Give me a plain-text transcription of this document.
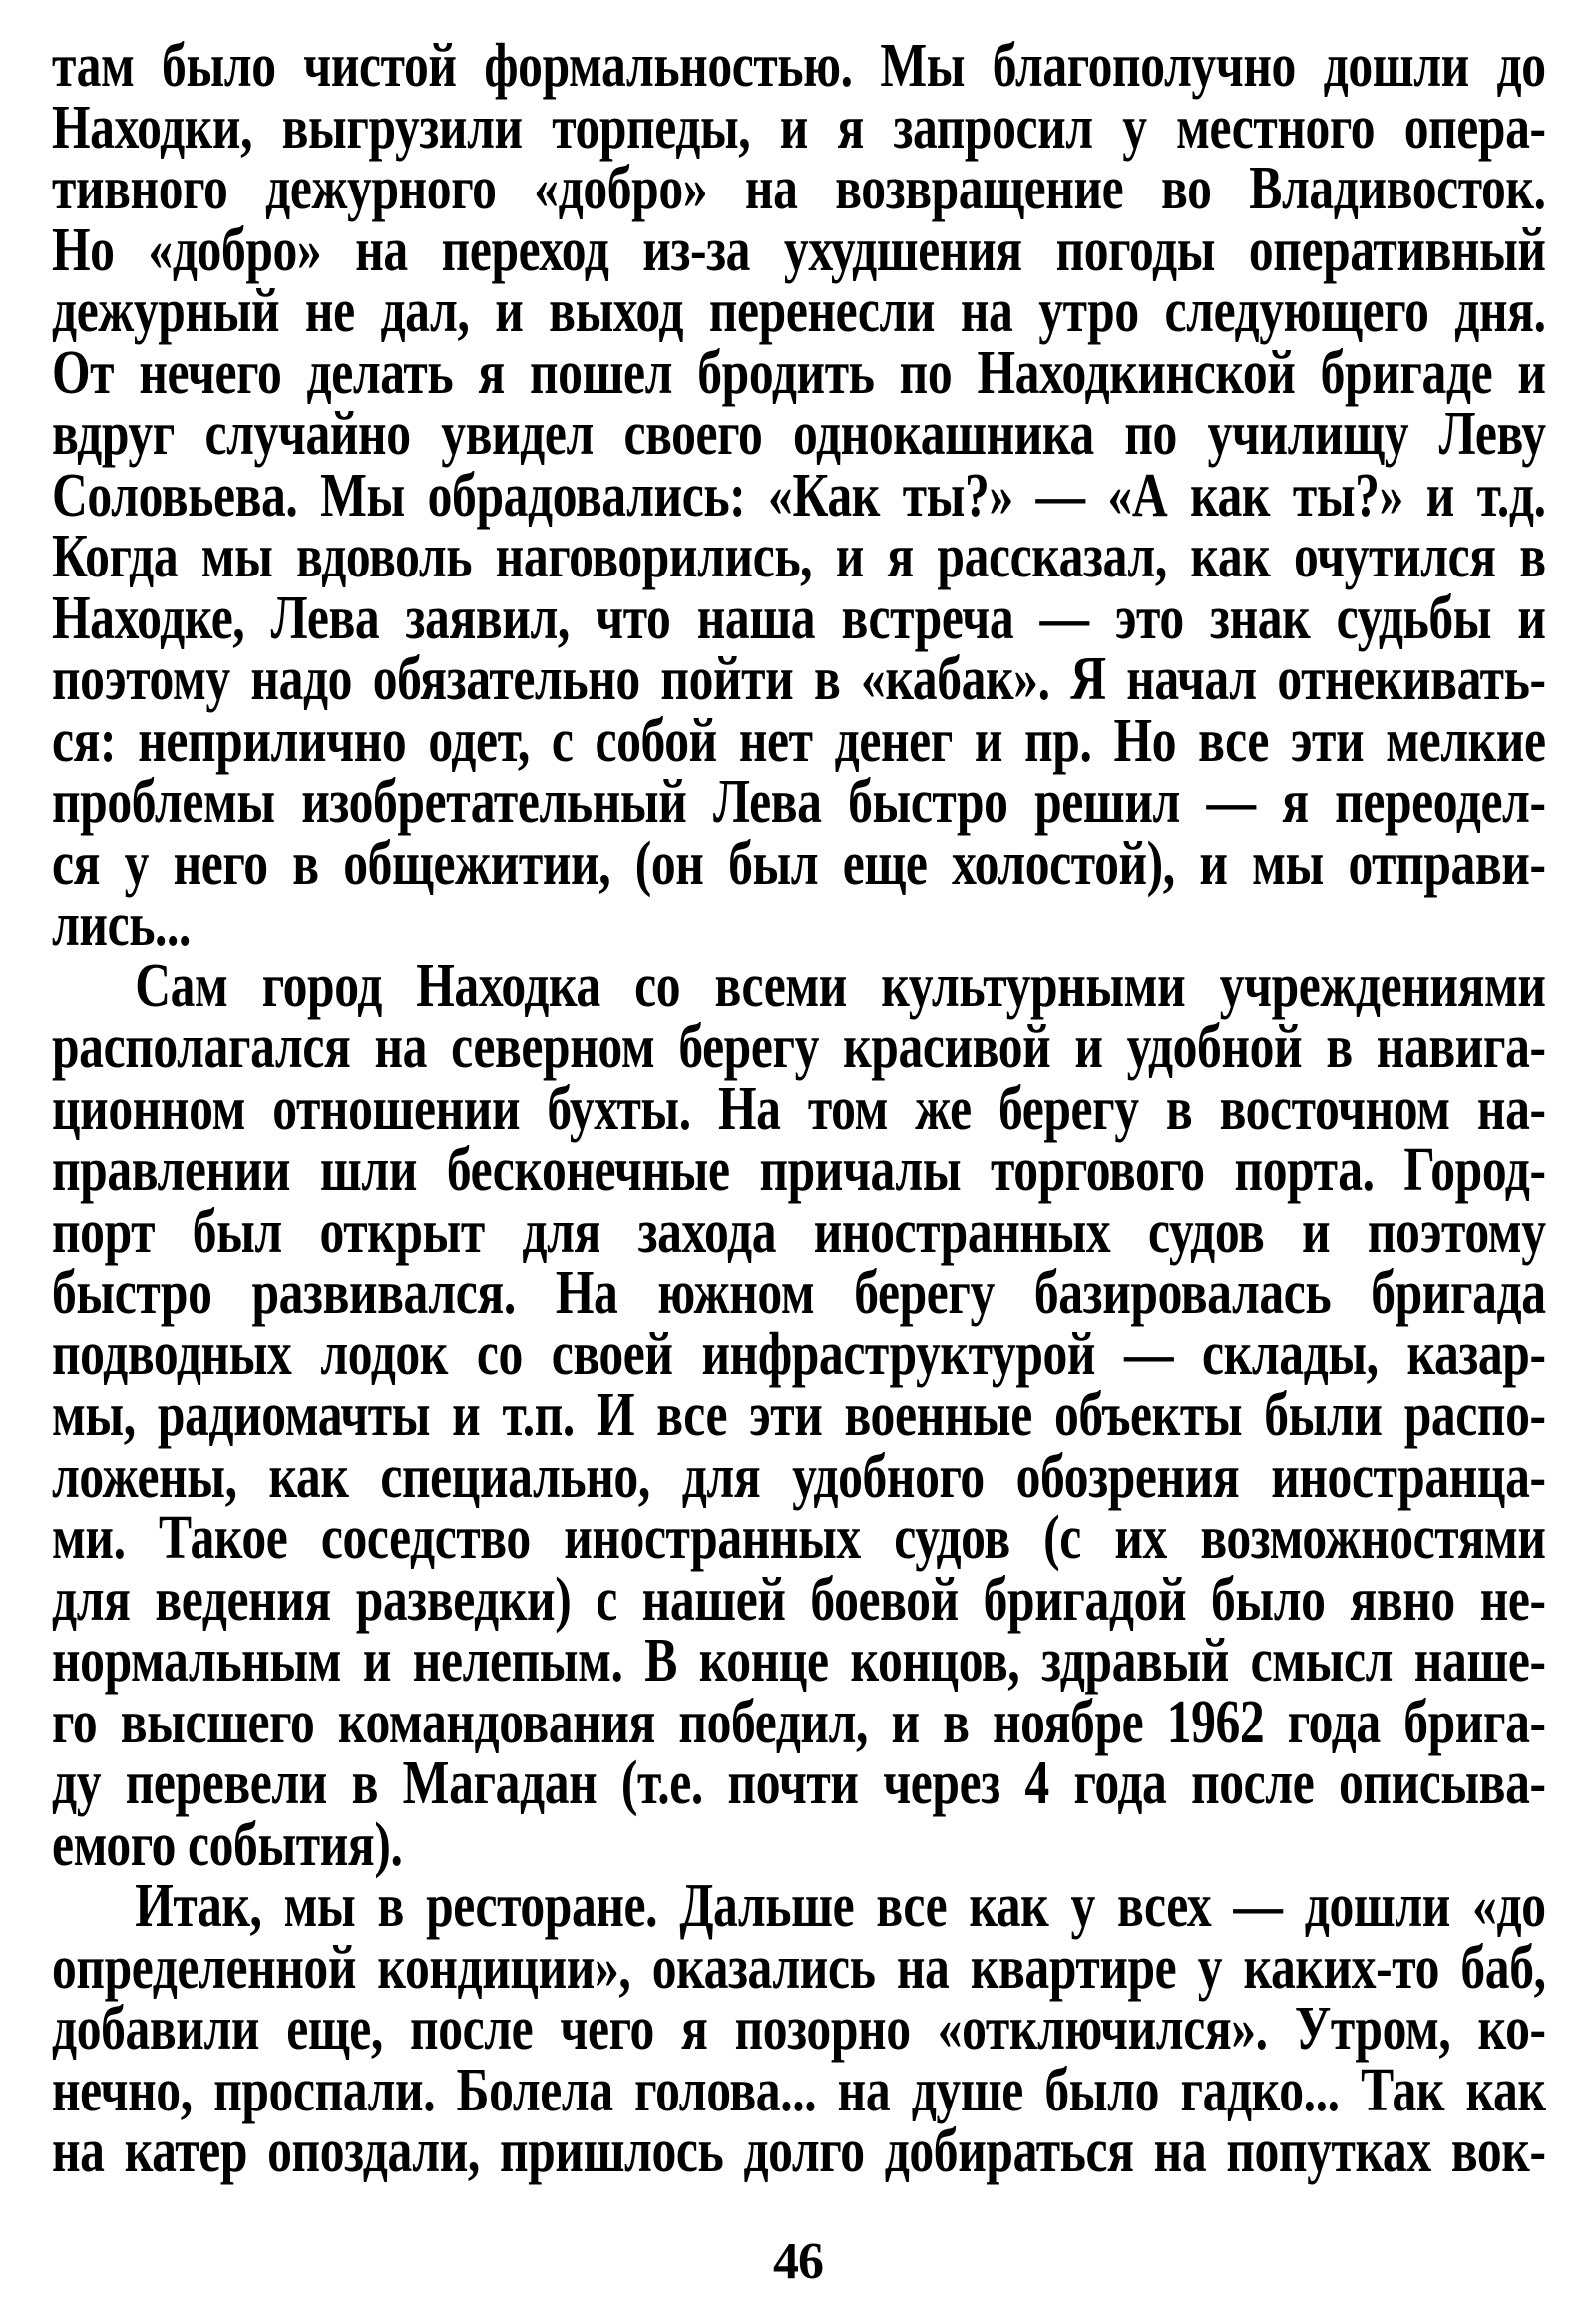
там было чистой формальностью. Мы благополучно дошли до
Находки, выгрузили торпеды, и я запросил у местного опера-
тивного дежурного «добро» на возвращение во Владивосток.
Но «добро» на переход из-за ухудшения погоды оперативный
дежурный не дал, и выход перенесли на утро следующего дня.
От нечего делать я пошел бродить по Находкинской бригаде и
вдруг случайно увидел своего однокашника по училищу Леву
Соловьева. Мы обрадовались: «Как ты?» — «А как ты?» и т.д.
Когда мы вдоволь наговорились, и я рассказал, как очутился в
Находке, Лева заявил, что наша встреча — это знак судьбы и
поэтому надо обязательно пойти в «кабак». Я начал отнекивать-
ся: неприлично одет, с собой нет денег и пр. Но все эти мелкие
проблемы изобретательный Лева быстро решил — я переодел-
ся у него в общежитии, (он был еще холостой), и мы отправи-
лись...
Сам город Находка со всеми культурными учреждениями
располагался на северном берегу красивой и удобной в навига-
ционном отношении бухты. На том же берегу в восточном на-
правлении шли бесконечные причалы торгового порта. Город-
порт был открыт для захода иностранных судов и поэтому
быстро развивался. На южном берегу базировалась бригада
подводных лодок со своей инфраструктурой — склады, казар-
мы, радиомачты и т.п. И все эти военные объекты были распо-
ложены, как специально, для удобного обозрения иностранца-
ми. Такое соседство иностранных судов (с их возможностями
для ведения разведки) с нашей боевой бригадой было явно не-
нормальным и нелепым. В конце концов, здравый смысл наше-
го высшего командования победил, и в ноябре 1962 года брига-
ду перевели в Магадан (т.е. почти через 4 года после описыва-
емого события).
Итак, мы в ресторане. Дальше все как у всех — дошли «до
определенной кондиции», оказались на квартире у каких-то баб,
добавили еще, после чего я позорно «отключился». Утром, ко-
нечно, проспали. Болела голова... на душе было гадко... Так как
на катер опоздали, пришлось долго добираться на попутках вок-
46
